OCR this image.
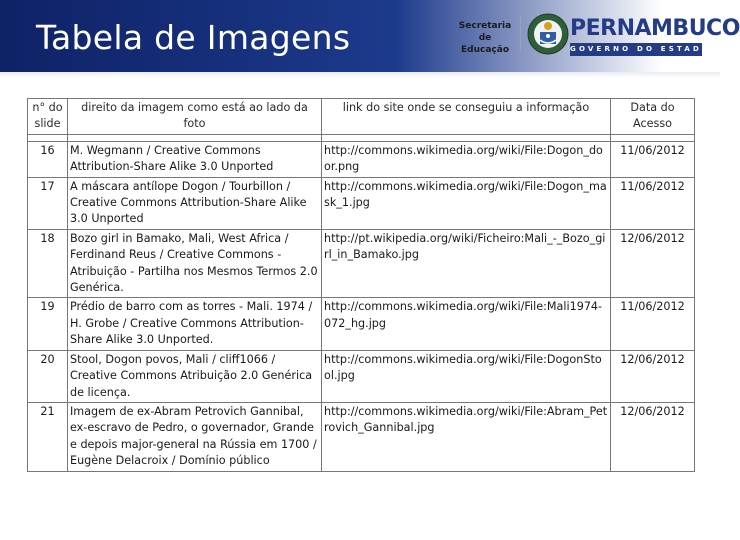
Tabela de Imagens	Secretaria de
Educação
PERNAMBUCO
GOVERNO DO ESTADO
n° do slide	direito da imagem como está ao lado da foto	link do site onde se conseguiu a informação	Data do Acesso

16	M. Wegmann / Creative Commons Attribution-Share Alike 3.0 Unported	http://commons.wikimedia.org/wiki/File:Dogon_door.png	11/06/2012
17	A máscara antílope Dogon / Tourbillon / Creative Commons Attribution-Share Alike 3.0 Unported	http://commons.wikimedia.org/wiki/File:Dogon_mask_1.jpg	11/06/2012
18	Bozo girl in Bamako, Mali, West Africa / Ferdinand Reus / Creative Commons - Atribuição - Partilha nos Mesmos Termos 2.0 Genérica.	http://pt.wikipedia.org/wiki/Ficheiro:Mali_-_Bozo_girl_in_Bamako.jpg	12/06/2012
19	Prédio de barro com as torres - Mali. 1974 / H. Grobe / Creative Commons Attribution-Share Alike 3.0 Unported.	http://commons.wikimedia.org/wiki/File:Mali1974-072_hg.jpg	11/06/2012
20	Stool, Dogon povos, Mali / cliff1066 / Creative Commons Atribuição 2.0 Genérica de licença.	http://commons.wikimedia.org/wiki/File:DogonStool.jpg	12/06/2012
21	Imagem de ex-Abram Petrovich Gannibal, ex-escravo de Pedro, o governador, Grande e depois major-general na Rússia em 1700 / Eugène Delacroix / Domínio público	http://commons.wikimedia.org/wiki/File:Abram_Petrovich_Gannibal.jpg	12/06/2012
